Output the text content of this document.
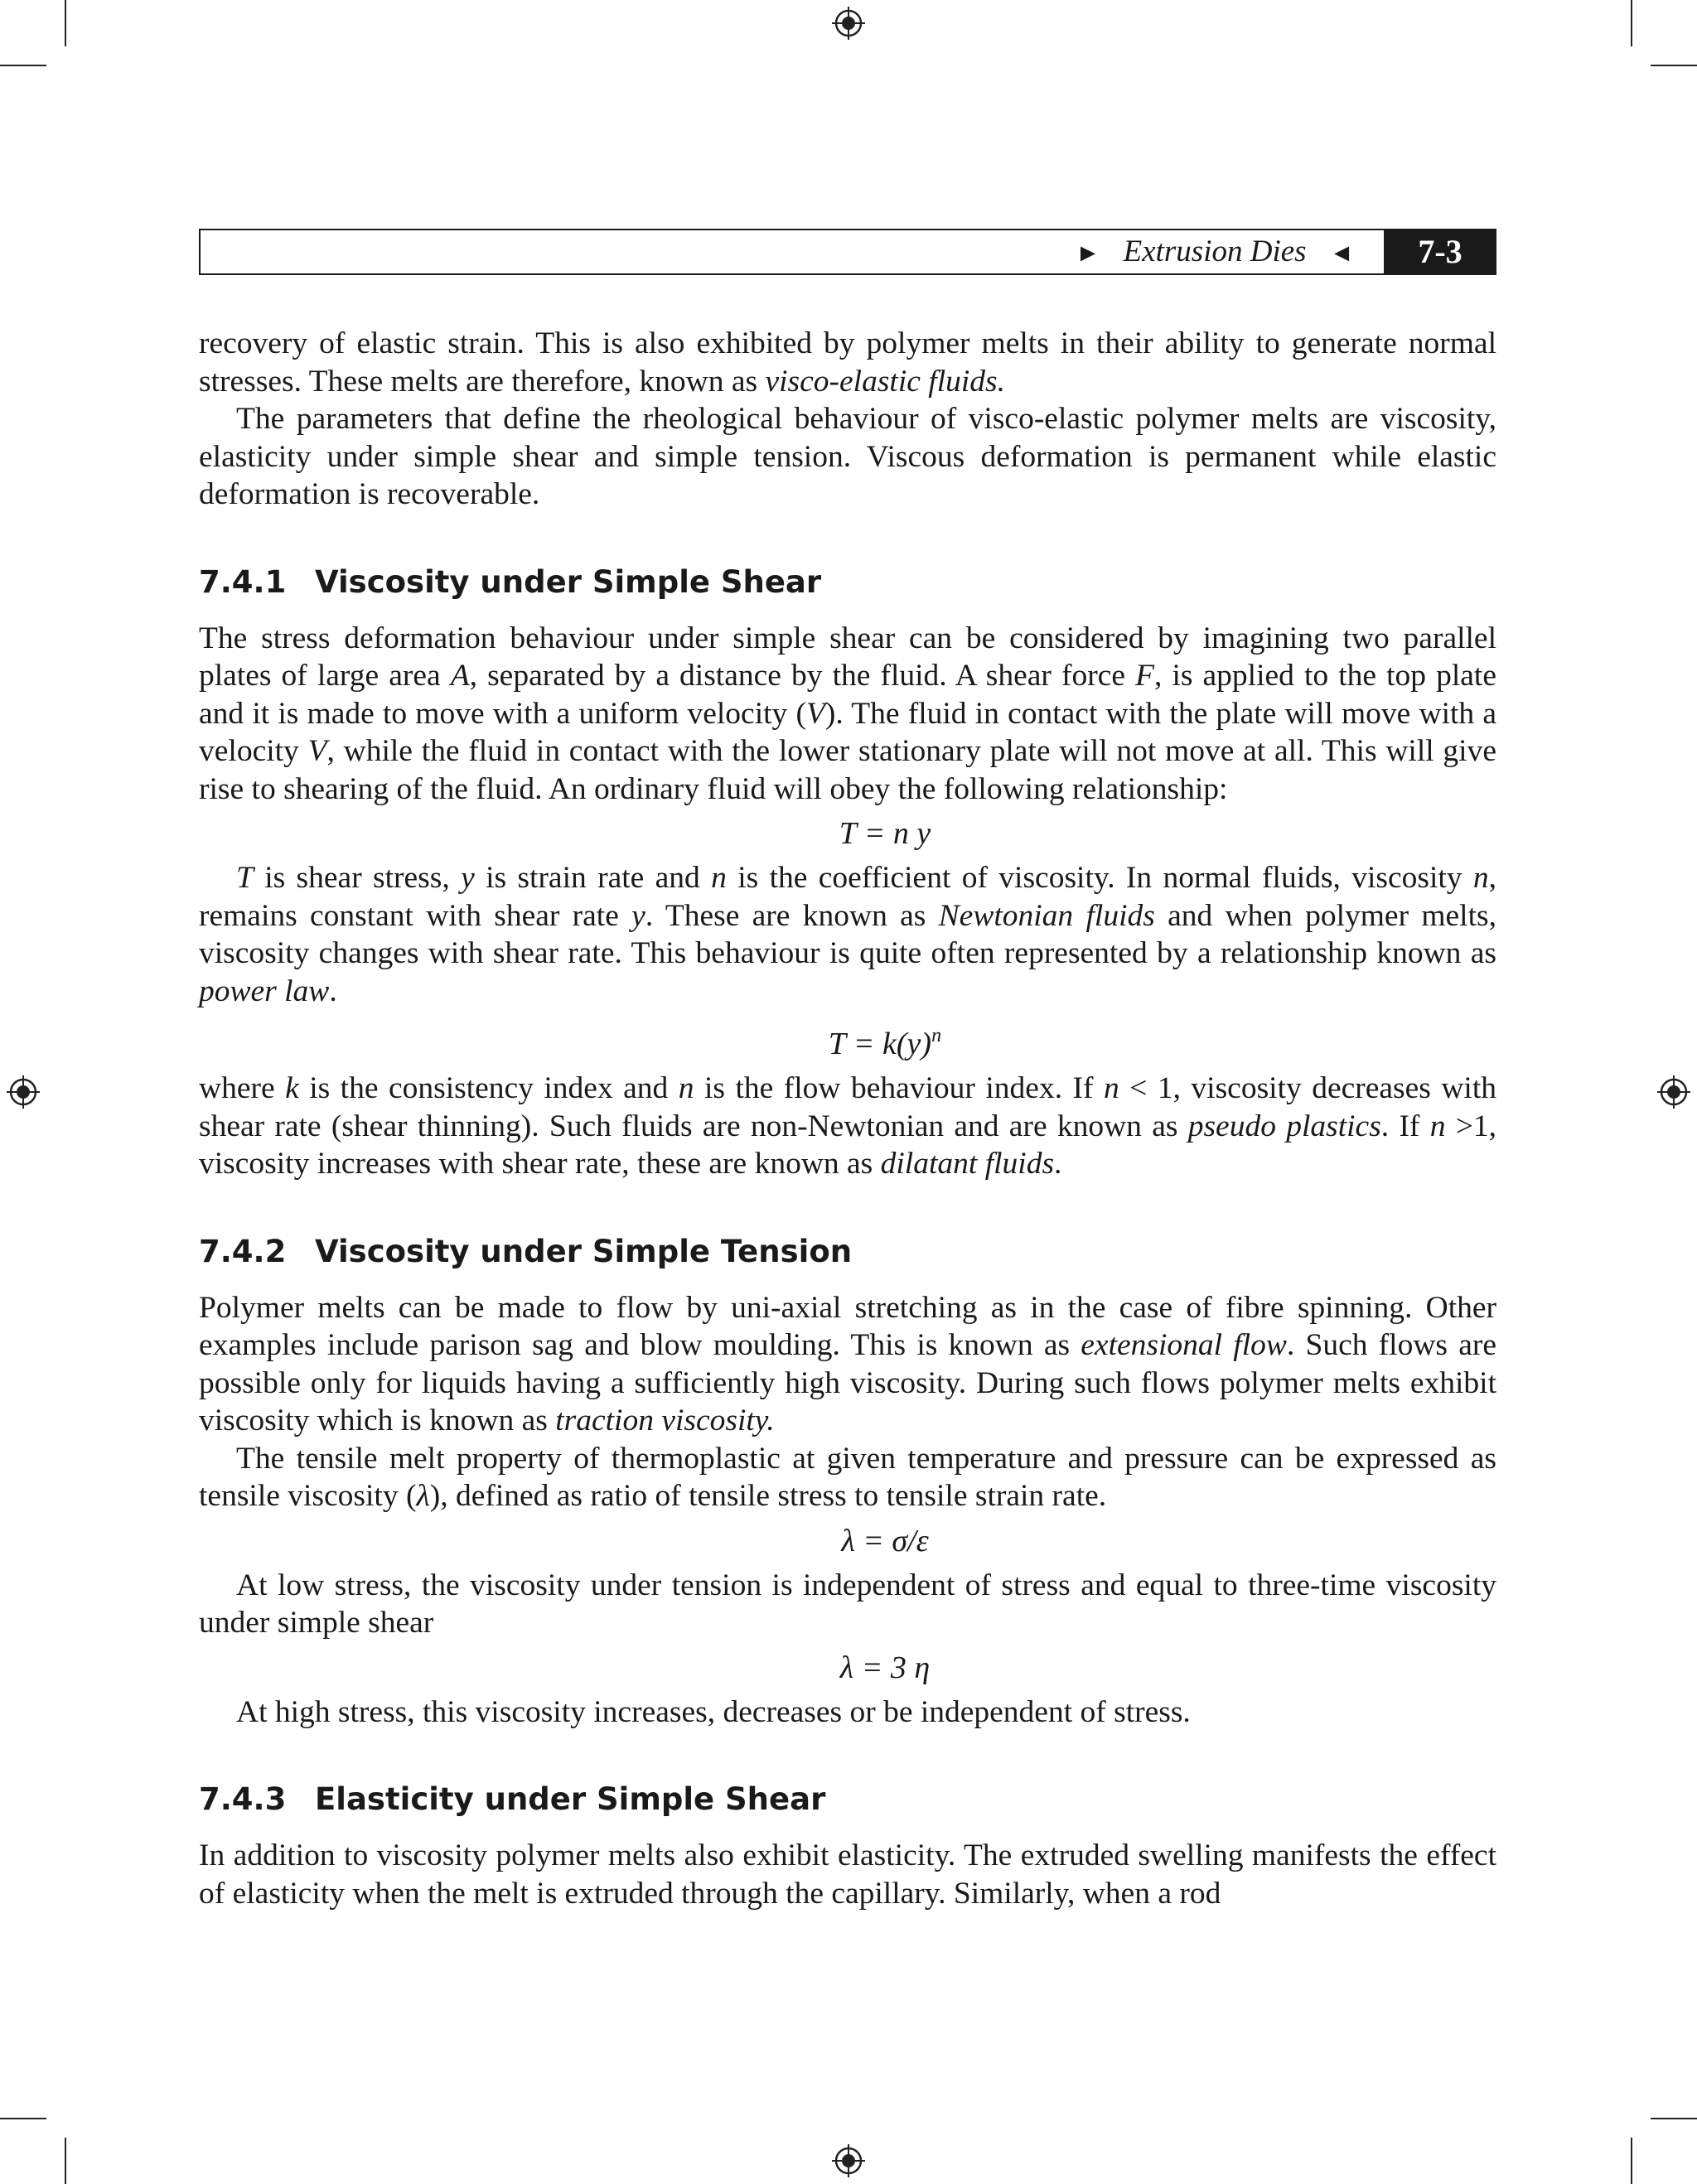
► Extrusion Dies ◄	7-3

recovery of elastic strain. This is also exhibited by polymer melts in their ability to generate normal stresses. These melts are therefore, known as visco-elastic fluids.

The parameters that define the rheological behaviour of visco-elastic polymer melts are viscosity, elasticity under simple shear and simple tension. Viscous deformation is permanent while elastic deformation is recoverable.

7.4.1 Viscosity under Simple Shear

The stress deformation behaviour under simple shear can be considered by imagining two parallel plates of large area A, separated by a distance by the fluid. A shear force F, is applied to the top plate and it is made to move with a uniform velocity (V). The fluid in contact with the plate will move with a velocity V, while the fluid in contact with the lower stationary plate will not move at all. This will give rise to shearing of the fluid. An ordinary fluid will obey the following relationship:

T = n y

T is shear stress, y is strain rate and n is the coefficient of viscosity. In normal fluids, viscosity n, remains constant with shear rate y. These are known as Newtonian fluids and when polymer melts, viscosity changes with shear rate. This behaviour is quite often represented by a relationship known as power law.

$T = k(y)^n$

where k is the consistency index and n is the flow behaviour index. If n < 1, viscosity decreases with shear rate (shear thinning). Such fluids are non-Newtonian and are known as pseudo plastics. If n >1, viscosity increases with shear rate, these are known as dilatant fluids.

7.4.2 Viscosity under Simple Tension

Polymer melts can be made to flow by uni-axial stretching as in the case of fibre spinning. Other examples include parison sag and blow moulding. This is known as extensional flow. Such flows are possible only for liquids having a sufficiently high viscosity. During such flows polymer melts exhibit viscosity which is known as traction viscosity.

The tensile melt property of thermoplastic at given temperature and pressure can be expressed as tensile viscosity (λ), defined as ratio of tensile stress to tensile strain rate.

λ = σ/ε

At low stress, the viscosity under tension is independent of stress and equal to three-time viscosity under simple shear

λ = 3 η

At high stress, this viscosity increases, decreases or be independent of stress.

7.4.3 Elasticity under Simple Shear

In addition to viscosity polymer melts also exhibit elasticity. The extruded swelling manifests the effect of elasticity when the melt is extruded through the capillary. Similarly, when a rod
